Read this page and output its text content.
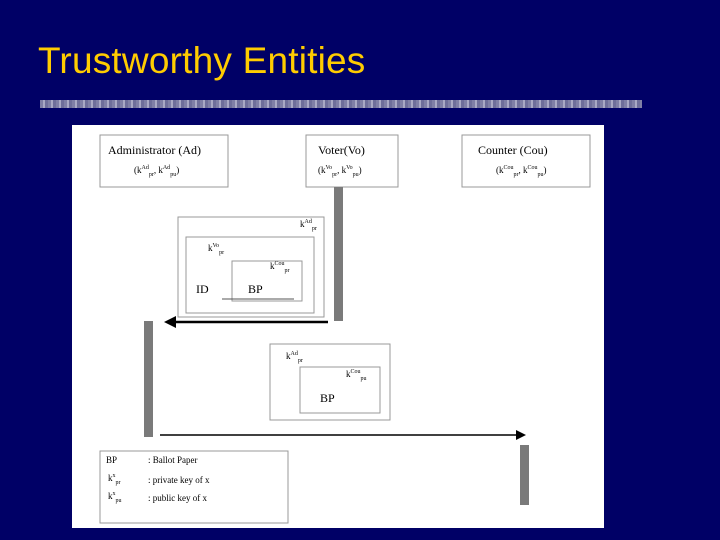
Trustworthy Entities
Administrator (Ad)
($k^{Ad}_{pr}$, $k^{Ad}_{pu}$)
Voter(Vo)
($k^{Vo}_{pr}$, $k^{Vo}_{pu}$)
Counter (Cou)
($k^{Cou}_{pr}$, $k^{Cou}_{pu}$)
$k^{Ad}_{pr}$
$k^{Vo}_{pr}$
$k^{Cou}_{pr}$
ID	BP
$k^{Ad}_{pr}$
$k^{Cou}_{pu}$
BP
BP	: Ballot Paper
$k^x_{pr}$	: private key of x
$k^x_{pu}$	: public key of x
